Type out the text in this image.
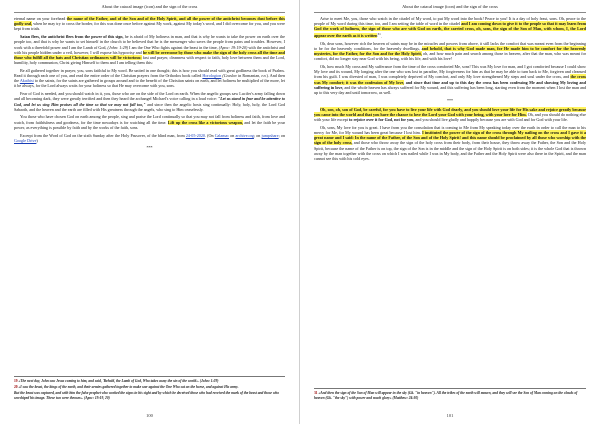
About the catacal image (icon) and the sign of the cross

eternal name on your forehead the name of the Father, and of the Son and of the Holy Spirit, and all the power of the antichrist becomes dust before this godly seal, when he may try to cross the border, for this was done once before against My work, against My today's word, and I did overcome for you, and you were kept from trials.

Satan flees, the antichrist flees from the power of this sign, he is afraid of My holiness in man, and that is why he wants to take the power on earth over the people too, and that is why he wants to set himself in the church to be believed that he is the messenger who saves the people from pains and troubles. However, I work with a threefold power and I am the Lamb of God, (John: 1:29) I am the One Who fights against the beast in the time, (Apoc: 19:19-20) with the antichrist and with his people hidden under a veil, however, I will expose his hypocrisy and he will be overcome by those who make the sign of the holy cross all the time and those who fulfill all the hats and Christian ordinances will be victorious: fast and prayer, cleanness with respect to faith, holy love between them and the Lord, humility, holy communion, Christ giving Himself to them and I am telling them this:

Be all gathered together in prayer, you, sons faithful to My word. Be united in one thought; this is how you should read with great godliness the book of Psalms. Read it through each one of you, and read the entire order of the Christian prayers from the Orthodox book called Horologion (Ceaslov in Romanian, r.n.). And then the Akathist to the saints, for the saints are gathered in groups around and to the benefit of the Christian saints on earth, and let holiness be multiplied of the more, let it be always, for the Lord always waits for your holiness so that He may overcome with you, sons.

Fear of God is needed, and you should watch in it, you, those who are on the side of the Lord on earth. When the angelic groups saw Lucifer's army falling down and all becoming dark, they were greatly terrified and then they heard the archangel Michael's voice calling in a loud voice: "Let us stand in fear and be attentive to God, and let us sing Him praises all the time so that we may not fall too," and since then the angelic hosts sing continually: Holy, holy, holy, the Lord God Sabaoth, and the heaven and the earth are filled with His greatness through the angels, who sing to Him ceaselessly.

You those who have chosen God on earth among the people, sing and praise the Lord continually so that you may not fall from holiness and faith, from love and watch, from faithfulness and goodness, for the time nowadays is for watching all the time. Lift up the cross like a victorious weapon, and let the faith be your power, as everything is possible by faith and by the works of the faith, sons.

Excerpt from the Word of God on the sixth Sunday after the Holy Passover, of the blind man, from 24-05-2020. (On Calamac on archive.org; on jumpshare; on Google Drive)

***

19 «The next day, John saw Jesus coming to him, and said, 'Behold, the Lamb of God, Who takes away the sin of the world». (John: 1:29)

20 «I saw the beast, the kings of the earth, and their armies gathered together to make war against the One Who sat on the horse, and against His army.

But the beast was captured, and with him the false prophet who worked the signs in his sight and by which he deceived those who had received the mark of the beast and those who worshiped his image. These two were thrown». (Apoc: 19:19, 20)

100
About the catacal image (icon) and the sign of the cross

Arise to meet Me, you, those who watch in the citadel of My word, to put My word into the book! Peace to you! It is a day of holy feast, sons. Oh, peace to the people of My word during this time, too, and I am setting the table of word in the citadel and I am coming down to give it to the people so that it may learn from God the work of holiness, the sign of those who are with God on earth, the carried cross, oh, sons, the sign of the Son of Man, with whom, I, the Lord appear over the earth as it is written$^{31}$.

Oh, dear sons, however rich the heaven of saints may be in the miracles and powers from above, it still lacks the comfort that was meant even from the beginning to be for the heavenly conditions, for the heavenly dwellings, and behold, that is why God made man, for He made him to be comfort for the heavenly mysteries, for the Father, for the Son and for the Holy Spirit, oh, and how much pain and search among those in heaven, after that the man, who was meant for comfort, did no longer stay near God with his being, with his life, and with his love!

Oh, how much My cross and My sufferance from the time of the cross comforted Me, sons! This was My love for man, and I got comforted because I could show My love and its wound, My longing after the one who was lost in paradise, My forgiveness for him as that he may be able to turn back to Me, forgiven and cleansed from his guilt. I was divested of man, I was completely deprived of My comfort, and only My love strengthened My steps and soul under the cross, and the cross was My comfort; it was the confession of My love, and since that time and up to this day the cross has been confessing Me and showing My loving and suffering in love, and the whole heaven has always suffered for My wound, and this suffering has been long, starting even from the moment when I lost the man and up to this very day and until tomorrow, as well.

***

Oh, son, oh, son of God, be careful, for you have to live your life with God dearly, and you should love your life for His sake and rejoice greatly because you came into the world and that you have the chance to love the Lord your God with your being, with your love for Him. Oh, and you should do nothing else with your life except to rejoice over it for God, not for you, and you should live gladly and happily because you are with God and for God with your life.

Oh, sons, My love for you is great. I have from you the consolation that is coming to Me from My speaking today over the earth in order to call the man to his mercy for Me, for My wound has been great because I lost him. I instituted the power of the sign of the cross through My nailing on the cross and I gave it a great name and I said: In the name of the Father, of the Son and of the Holy Spirit! and this name should be proclaimed by all those who worship with the sign of the holy cross, and those who throw away the sign of the holy cross from their body, from their house, they throw away the Father, the Son and the Holy Spirit, because the name of the Father is on top, the sign of the Son is in the middle and the sign of the Holy Spirit is on both sides; it is the whole God that is thrown away by the man together with the cross on which I was nailed while I was in My body, and the Father and the Holy Spirit were also there in the Spirit, and the man cannot see this with his cold eyes.

31 «And then the sign of the Son of Man will appear in the sky (Gk. "in heaven"). All the tribes of the earth will mourn, and they will see the Son of Man coming on the clouds of heaven (Gk. "the sky") with power and much glory» (Matthew: 24:30)

101
